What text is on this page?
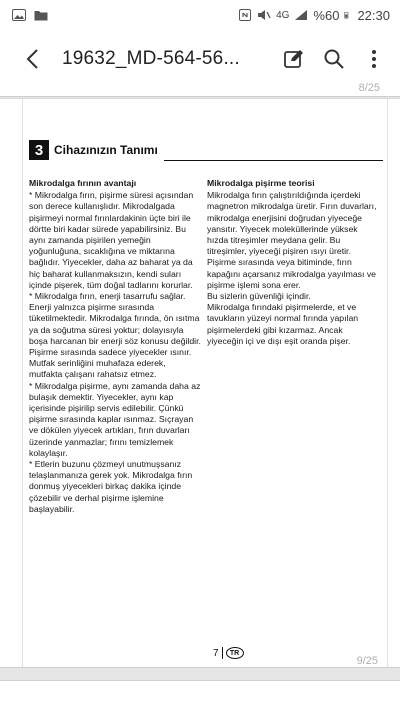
4G %60 22:30
19632_MD-564-56...
8/25
3 Cihazınızın Tanımı
Mikrodalga fırının avantajı

* Mikrodalga fırın, pişirme süresi açısından son derece kullanışlıdır. Mikrodalgada pişirmeyi normal fırınlardakinin üçte biri ile dörtte biri kadar sürede yapabilirsiniz. Bu aynı zamanda pişirilen yemeğin yoğunluğuna, sıcaklığına ve miktarına bağlıdır. Yiyecekler, daha az baharat ya da hiç baharat kullanmaksızın, kendi suları içinde pişerek, tüm doğal tadlarını korurlar.

* Mikrodalga fırın, enerji tasarrufu sağlar. Enerji yalnızca pişirme sırasında tüketilmektedir. Mikrodalga fırında, ön ısıtma ya da soğutma süresi yoktur; dolayısıyla boşa harcanan bir enerji söz konusu değildir. Pişirme sırasında sadece yiyecekler ısınır. Mutfak serinliğini muhafaza ederek, mutfakta çalışanı rahatsız etmez.

* Mikrodalga pişirme, aynı zamanda daha az bulaşık demektir. Yiyecekler, aynı kap içerisinde pişirilip servis edilebilir. Çünkü pişirme sırasında kaplar ısınmaz. Sıçrayan ve dökülen yiyecek artıkları, fırın duvarları üzerinde yanmazlar; fırını temizlemek kolaylaşır.

* Etlerin buzunu çözmeyi unutmuşsanız telaşlanmanıza gerek yok. Mikrodalga fırın donmuş yiyecekleri birkaç dakika içinde çözebilir ve derhal pişirme işlemine başlayabilir.

Mikrodalga pişirme teorisi

Mikrodalga fırın çalıştırıldığında içerdeki magnetron mikrodalga üretir. Fırın duvarları, mikrodalga enerjisini doğrudan yiyeceğe yansıtır. Yiyecek moleküllerinde yüksek hızda titreşimler meydana gelir. Bu titreşimler, yiyeceği pişiren ısıyı üretir. Pişirme sırasında veya bitiminde, fırın kapağını açarsanız mikrodalga yayılması ve pişirme işlemi sona erer.

Bu sizlerin güvenliği içindir.

Mikrodalga fırındaki pişirmelerde, et ve tavukların yüzeyi normal fırında yapılan pişirmelerdeki gibi kızarmaz. Ancak yiyeceğin içi ve dışı eşit oranda pişer.

7	TR
9/25
